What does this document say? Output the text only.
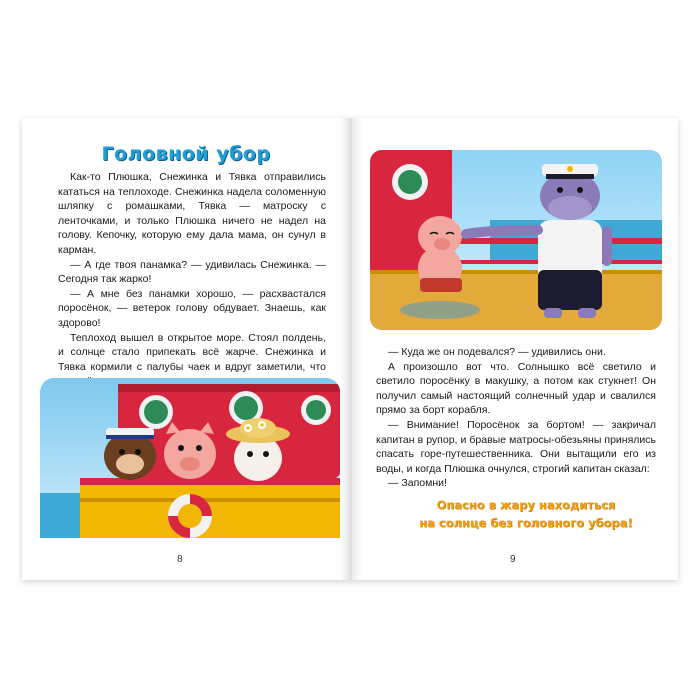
Головной убор

Как-то Плюшка, Снежинка и Тявка отправились кататься на теплоходе. Снежинка надела соломенную шляпку с ромашками, Тявка — матроску с ленточками, и только Плюшка ничего не надел на голову. Кепочку, которую ему дала мама, он сунул в карман.

— А где твоя панамка? — удивилась Снежинка. — Сегодня так жарко!

— А мне без панамки хорошо, — расхвастался поросёнок, — ветерок голову обдувает. Знаешь, как здорово!

Теплоход вышел в открытое море. Стоял полдень, и солнце стало припекать всё жарче. Снежинка и Тявка кормили с палубы чаек и вдруг заметили, что

8

— Куда же он подевался? — удивились они.

А произошло вот что. Солнышко всё светило и светило поросёнку в макушку, а потом как стукнет! Он получил самый настоящий солнечный удар и свалился прямо за борт корабля.

— Внимание! Поросёнок за бортом! — закричал капитан в рупор, и бравые матросы-обезьяны принялись спасать горе-путешественника. Они вытащили его из воды, и когда Плюшка очнулся, строгий капитан сказал:

— Запомни!

Опасно в жару находиться
на солнце без головного убора!
9
